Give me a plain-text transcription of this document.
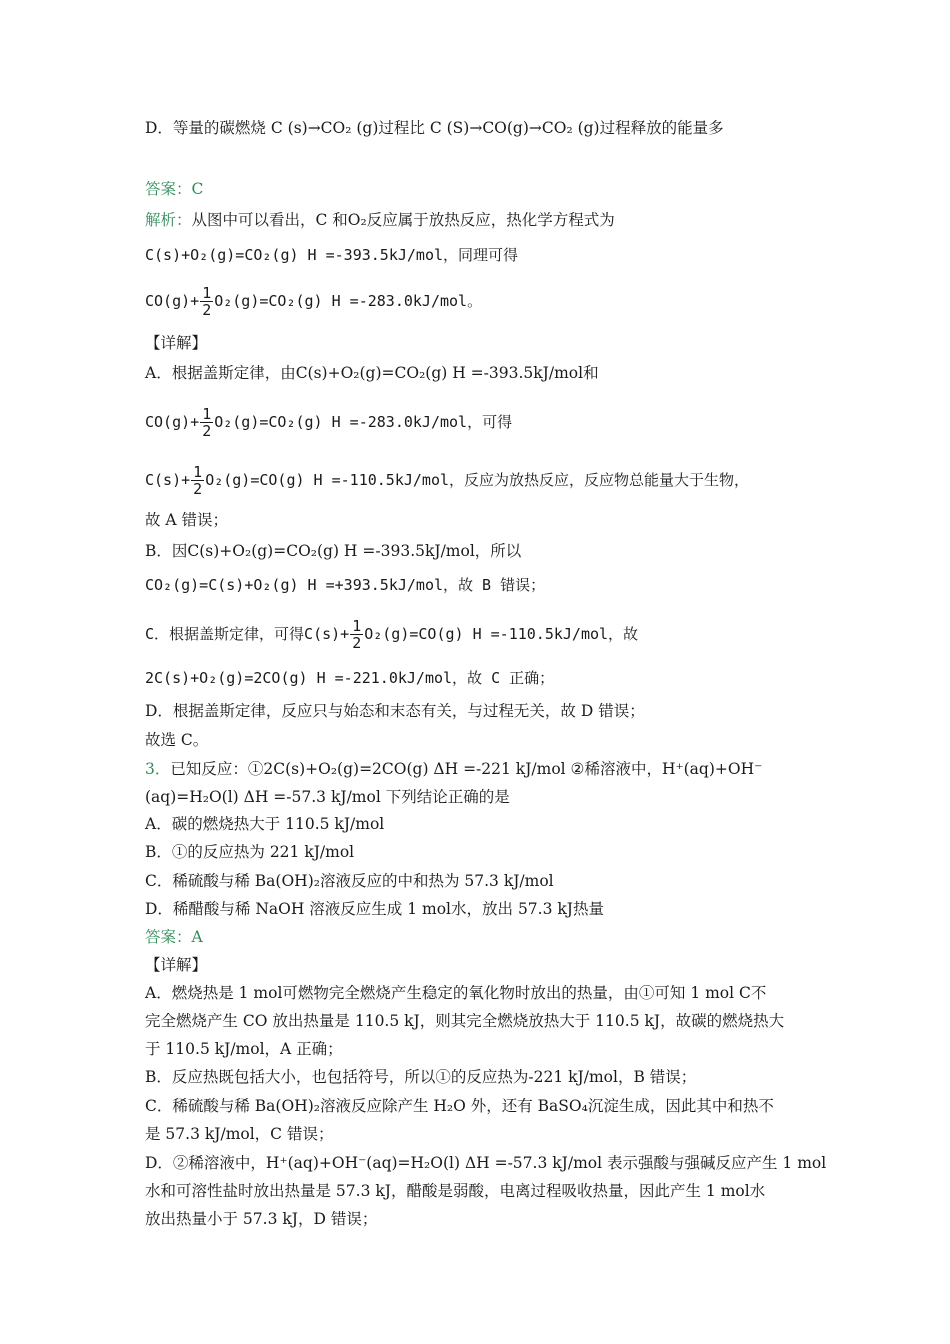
D．等量的碳燃烧 C (s)→CO₂ (g)过程比 C (S)→CO(g)→CO₂ (g)过程释放的能量多
答案：C
解析：从图中可以看出，C 和O₂反应属于放热反应，热化学方程式为
C(s)+O₂(g)=CO₂(g) H =-393.5kJ/mol，同理可得
$CO(g)+ \frac{1}{2} O_2(g)=CO_2(g)$ H =-283.0kJ/mol。
【详解】
A．根据盖斯定律，由C(s)+O₂(g)=CO₂(g) H =-393.5kJ/mol和
$CO(g)+ \frac{1}{2} O_2(g)=CO_2(g)$ H =-283.0kJ/mol，可得
$C(s)+ \frac{1}{2} O_2(g)=CO(g)$ H =-110.5kJ/mol，反应为放热反应，反应物总能量大于生物，
故 A 错误；
B．因C(s)+O₂(g)=CO₂(g) H =-393.5kJ/mol，所以
CO₂(g)=C(s)+O₂(g) H =+393.5kJ/mol，故 B 错误；
C．根据盖斯定律，可得$C(s)+ \frac{1}{2} O_2(g)=CO(g)$ H =-110.5kJ/mol，故
2C(s)+O₂(g)=2CO(g) H =-221.0kJ/mol，故 C 正确；
D．根据盖斯定律，反应只与始态和末态有关，与过程无关，故 D 错误；
故选 C。
3．已知反应：①2C(s)+O₂(g)=2CO(g) ΔH =-221 kJ/mol ②稀溶液中，H⁺(aq)+OH⁻
(aq)=H₂O(l) ΔH =-57.3 kJ/mol 下列结论正确的是
A．碳的燃烧热大于 110.5 kJ/mol
B．①的反应热为 221 kJ/mol
C．稀硫酸与稀 Ba(OH)₂溶液反应的中和热为 57.3 kJ/mol
D．稀醋酸与稀 NaOH 溶液反应生成 1 mol水，放出 57.3 kJ热量
答案：A
【详解】
A．燃烧热是 1 mol可燃物完全燃烧产生稳定的氧化物时放出的热量，由①可知 1 mol C不
完全燃烧产生 CO 放出热量是 110.5 kJ，则其完全燃烧放热大于 110.5 kJ，故碳的燃烧热大
于 110.5 kJ/mol，A 正确；
B．反应热既包括大小，也包括符号，所以①的反应热为-221 kJ/mol，B 错误；
C．稀硫酸与稀 Ba(OH)₂溶液反应除产生 H₂O 外，还有 BaSO₄沉淀生成，因此其中和热不
是 57.3 kJ/mol，C 错误；
D．②稀溶液中，H⁺(aq)+OH⁻(aq)=H₂O(l) ΔH =-57.3 kJ/mol 表示强酸与强碱反应产生 1 mol
水和可溶性盐时放出热量是 57.3 kJ，醋酸是弱酸，电离过程吸收热量，因此产生 1 mol水
放出热量小于 57.3 kJ，D 错误；
